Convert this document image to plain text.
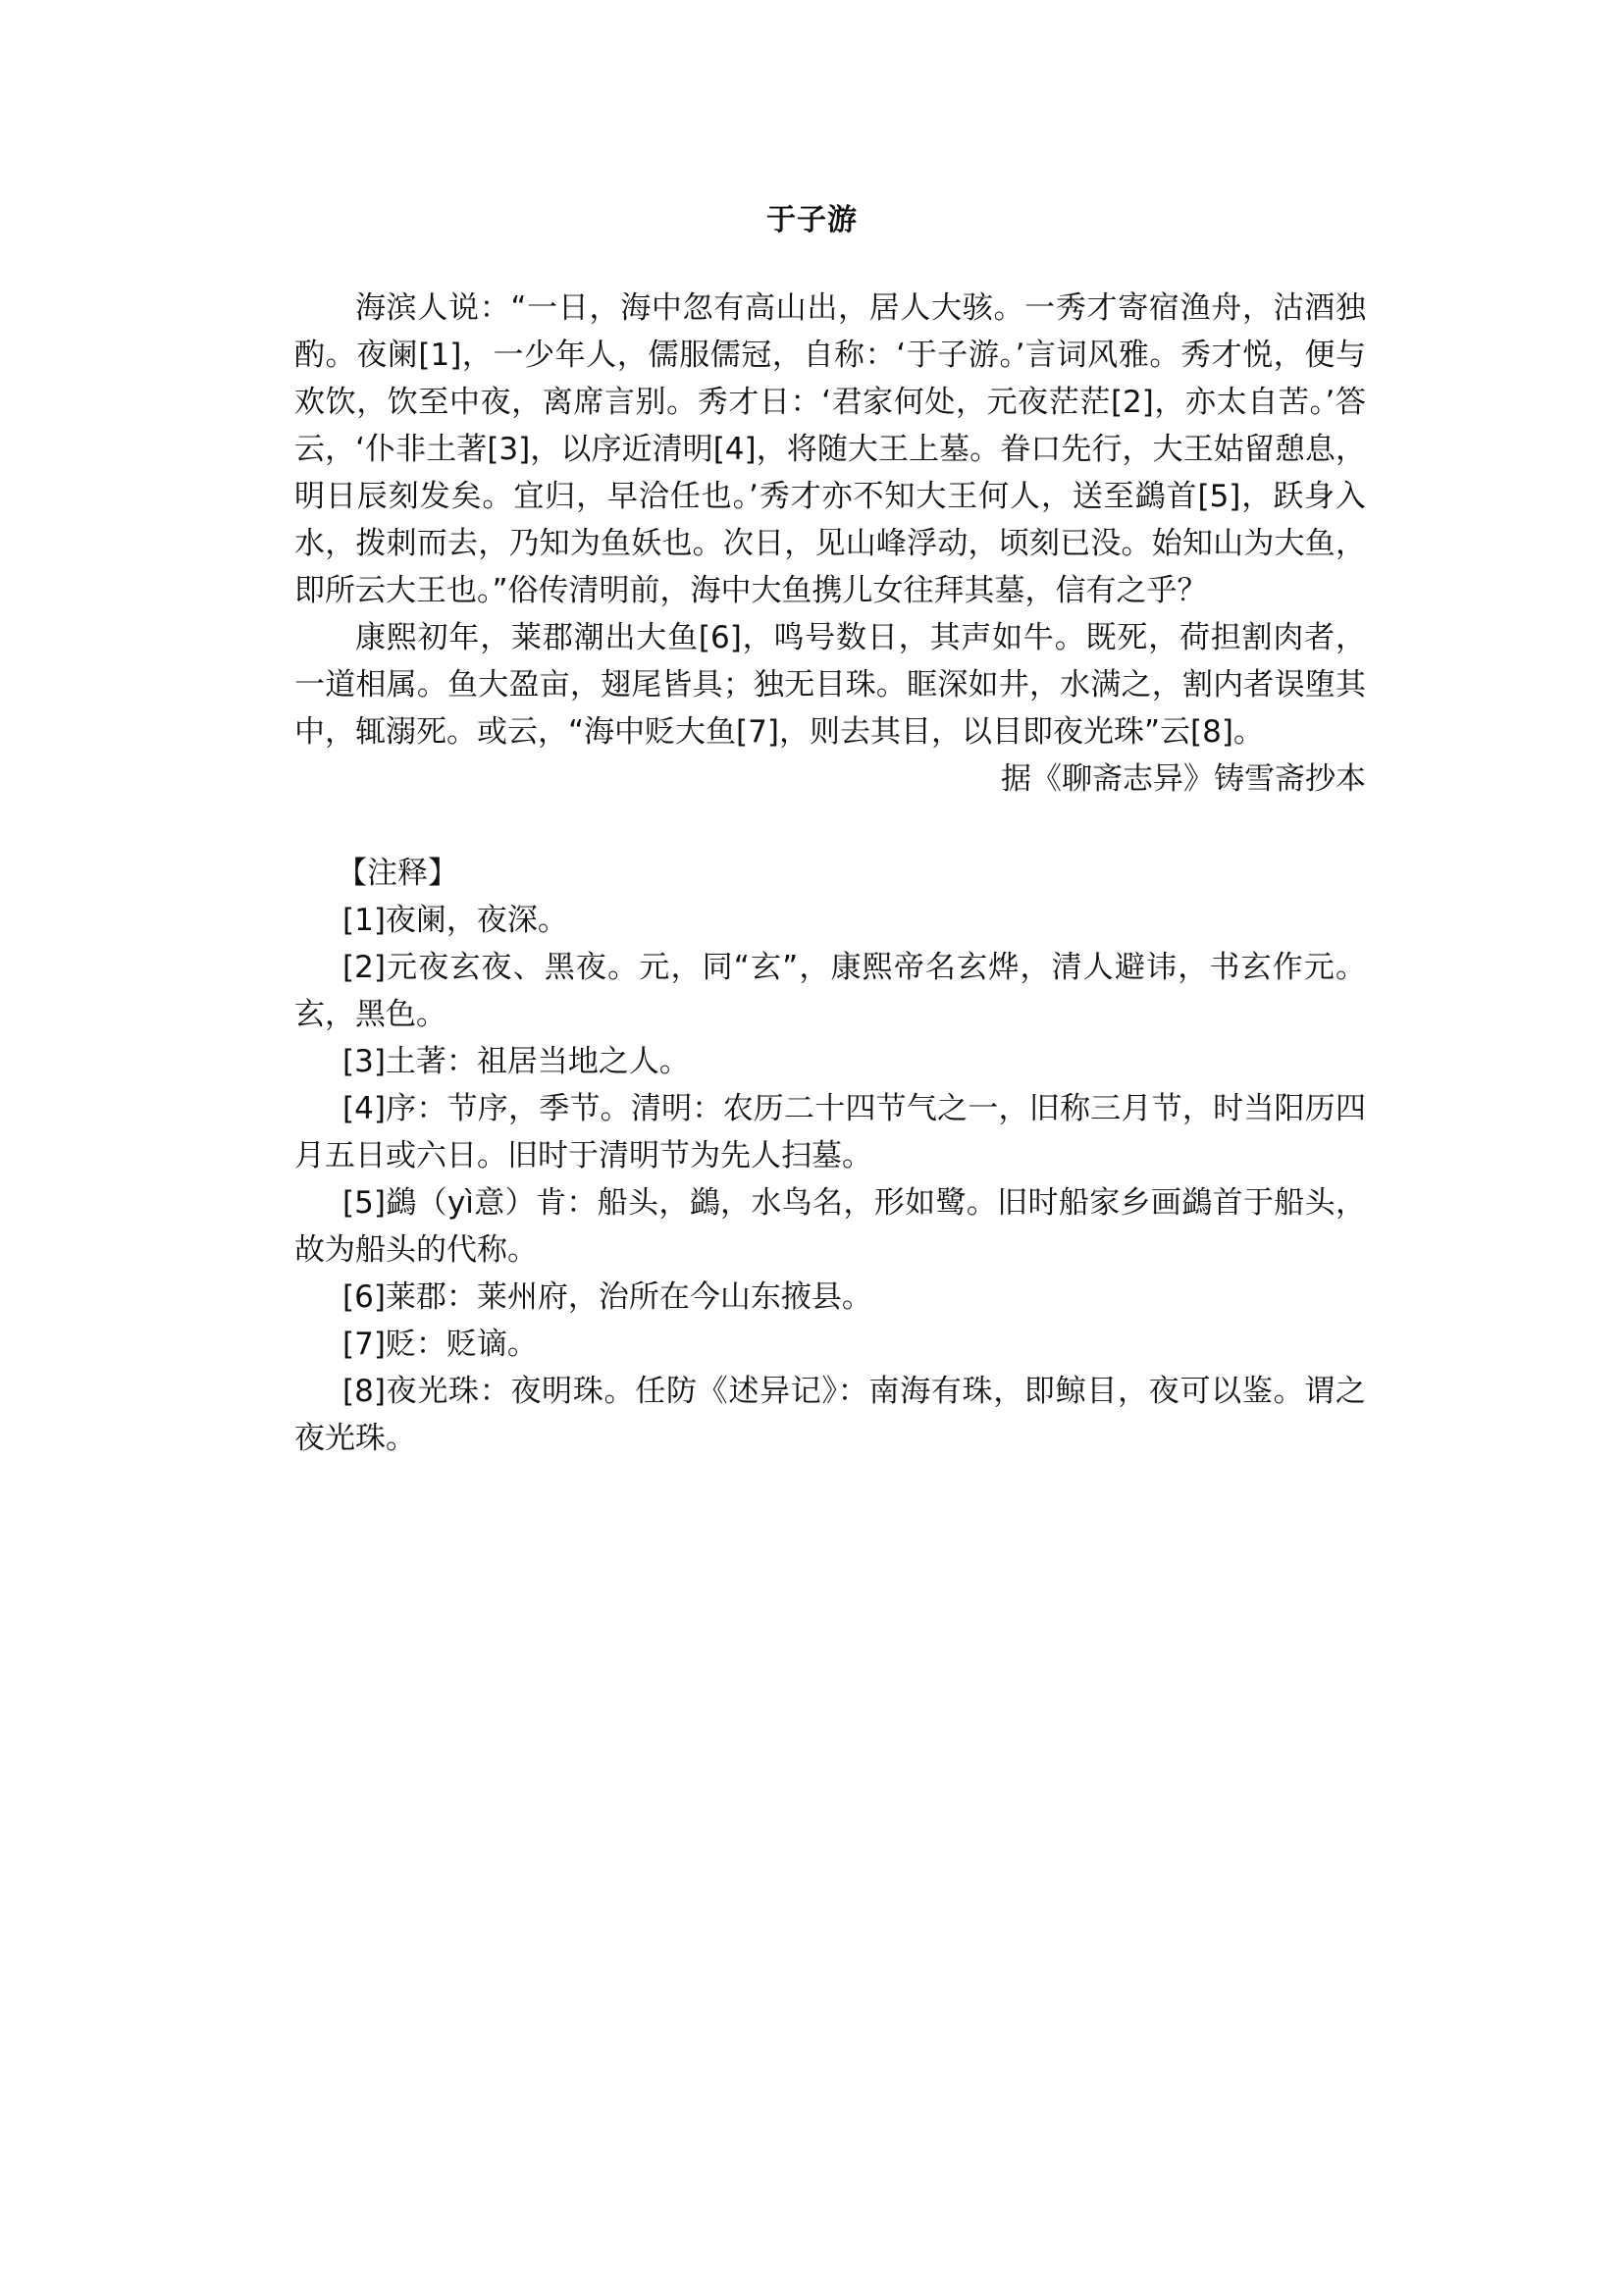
于子游

海滨人说：“一日，海中忽有高山出，居人大骇。一秀才寄宿渔舟，沽酒独酌。夜阑[1]，一少年人，儒服儒冠，自称：‘于子游。’言词风雅。秀才悦，便与欢饮，饮至中夜，离席言别。秀才日：‘君家何处，元夜茫茫[2]，亦太自苦。’答云，‘仆非土著[3]，以序近清明[4]，将随大王上墓。眷口先行，大王姑留憩息，明日辰刻发矣。宜归，早洽任也。’秀才亦不知大王何人，送至鷁首[5]，跃身入水，拨刺而去，乃知为鱼妖也。次日，见山峰浮动，顷刻已没。始知山为大鱼，即所云大王也。”俗传清明前，海中大鱼携儿女往拜其墓，信有之乎？

康熙初年，莱郡潮出大鱼[6]，鸣号数日，其声如牛。既死，荷担割肉者，一道相属。鱼大盈亩，翅尾皆具；独无目珠。眶深如井，水满之，割内者误堕其中，辄溺死。或云，“海中贬大鱼[7]，则去其目，以目即夜光珠”云[8]。

据《聊斋志异》铸雪斋抄本

【注释】

[1]夜阑，夜深。

[2]元夜玄夜、黑夜。元，同“玄”，康熙帝名玄烨，清人避讳，书玄作元。玄，黑色。

[3]土著：祖居当地之人。

[4]序：节序，季节。清明：农历二十四节气之一，旧称三月节，时当阳历四月五日或六日。旧时于清明节为先人扫墓。

[5]鷁（yì意）肯：船头，鷁，水鸟名，形如鹭。旧时船家乡画鷁首于船头，故为船头的代称。

[6]莱郡：莱州府，治所在今山东掖县。

[7]贬：贬谪。

[8]夜光珠：夜明珠。任防《述异记》：南海有珠，即鲸目，夜可以鉴。谓之夜光珠。
